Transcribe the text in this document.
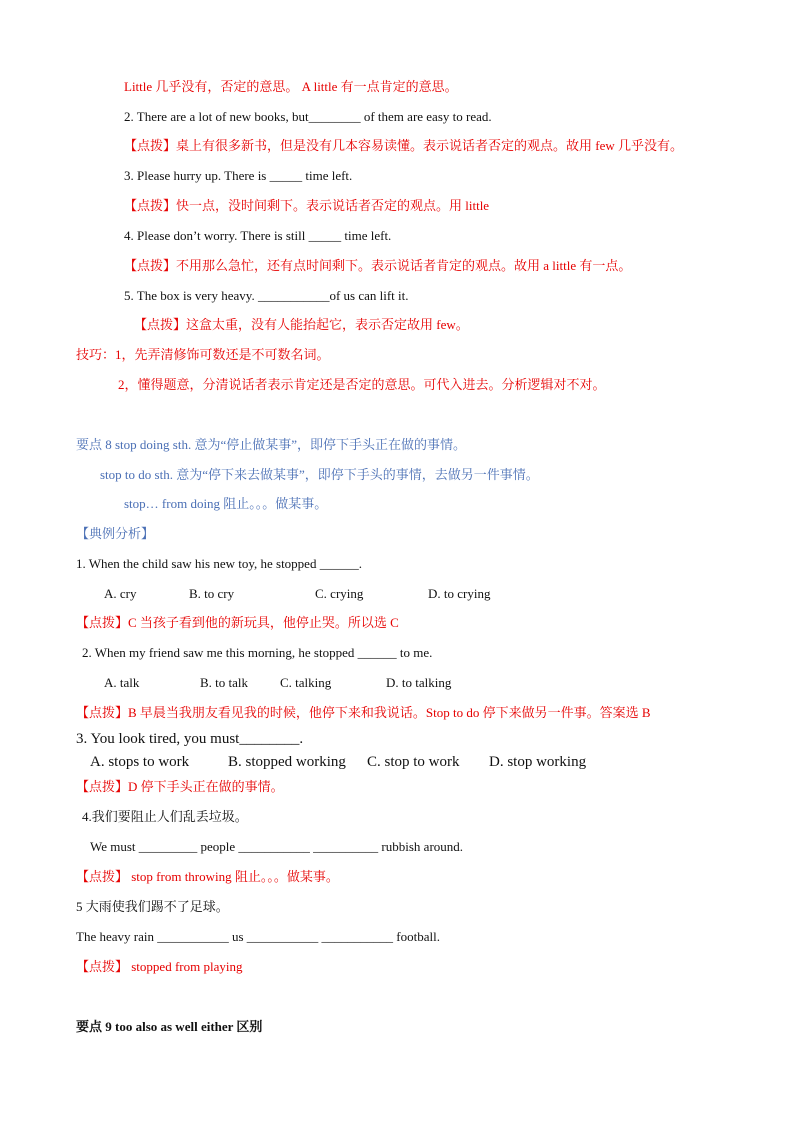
Little 几乎没有，否定的意思。 A little 有一点肯定的意思。
2. There are a lot of new books, but________ of them are easy to read.
【点拨】桌上有很多新书，但是没有几本容易读懂。表示说话者否定的观点。故用 few 几乎没有。
3. Please hurry up. There is _____ time left.
【点拨】快一点，没时间剩下。表示说话者否定的观点。用 little
4. Please don’t worry. There is still _____ time left.
【点拨】不用那么急忙，还有点时间剩下。表示说话者肯定的观点。故用 a little 有一点。
5. The box is very heavy. ___________of us can lift it.
【点拨】这盒太重，没有人能抬起它，表示否定故用 few。
技巧：1，先弄清修饰可数还是不可数名词。
2，懂得题意，分清说话者表示肯定还是否定的意思。可代入进去。分析逻辑对不对。
要点 8 stop doing sth. 意为“停止做某事”，即停下手头正在做的事情。
stop to do sth. 意为“停下来去做某事”，即停下手头的事情，去做另一件事情。
stop… from doing 阻止。。。做某事。
【典例分析】
1. When the child saw his new toy, he stopped ______.
A. cry	B. to cry	C. crying	D. to crying
【点拨】C 当孩子看到他的新玩具，他停止哭。所以选 C
2. When my friend saw me this morning, he stopped ______ to me.
A. talk	B. to talk C. talking	D. to talking
【点拨】B 早晨当我朋友看见我的时候，他停下来和我说话。Stop to do 停下来做另一件事。答案选 B
3. You look tired, you must________.
A. stops to work	B. stopped working C. stop to work D. stop working
【点拨】D 停下手头正在做的事情。
4.我们要阻止人们乱丢垃圾。
We must _________ people ___________ __________ rubbish around.
【点拨】 stop from throwing 阻止。。。做某事。
5 大雨使我们踢不了足球。
The heavy rain ___________ us ___________ ___________ football.
【点拨】 stopped from playing
要点 9 too also as well either 区别
